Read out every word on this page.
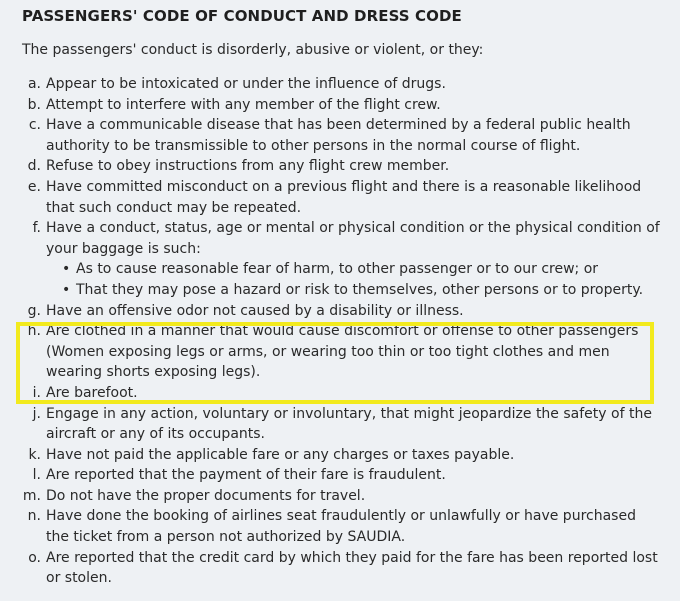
PASSENGERS' CODE OF CONDUCT AND DRESS CODE

The passengers' conduct is disorderly, abusive or violent, or they:

a. Appear to be intoxicated or under the influence of drugs.
b. Attempt to interfere with any member of the flight crew.
c. Have a communicable disease that has been determined by a federal public health authority to be transmissible to other persons in the normal course of flight.
d. Refuse to obey instructions from any flight crew member.
e. Have committed misconduct on a previous flight and there is a reasonable likelihood that such conduct may be repeated.
f. Have a conduct, status, age or mental or physical condition or the physical condition of your baggage is such:
• As to cause reasonable fear of harm, to other passenger or to our crew; or
• That they may pose a hazard or risk to themselves, other persons or to property.
g. Have an offensive odor not caused by a disability or illness.
h. Are clothed in a manner that would cause discomfort or offense to other passengers (Women exposing legs or arms, or wearing too thin or too tight clothes and men wearing shorts exposing legs).
i. Are barefoot.
j. Engage in any action, voluntary or involuntary, that might jeopardize the safety of the aircraft or any of its occupants.
k. Have not paid the applicable fare or any charges or taxes payable.
l. Are reported that the payment of their fare is fraudulent.
m. Do not have the proper documents for travel.
n. Have done the booking of airlines seat fraudulently or unlawfully or have purchased the ticket from a person not authorized by SAUDIA.
o. Are reported that the credit card by which they paid for the fare has been reported lost or stolen.
